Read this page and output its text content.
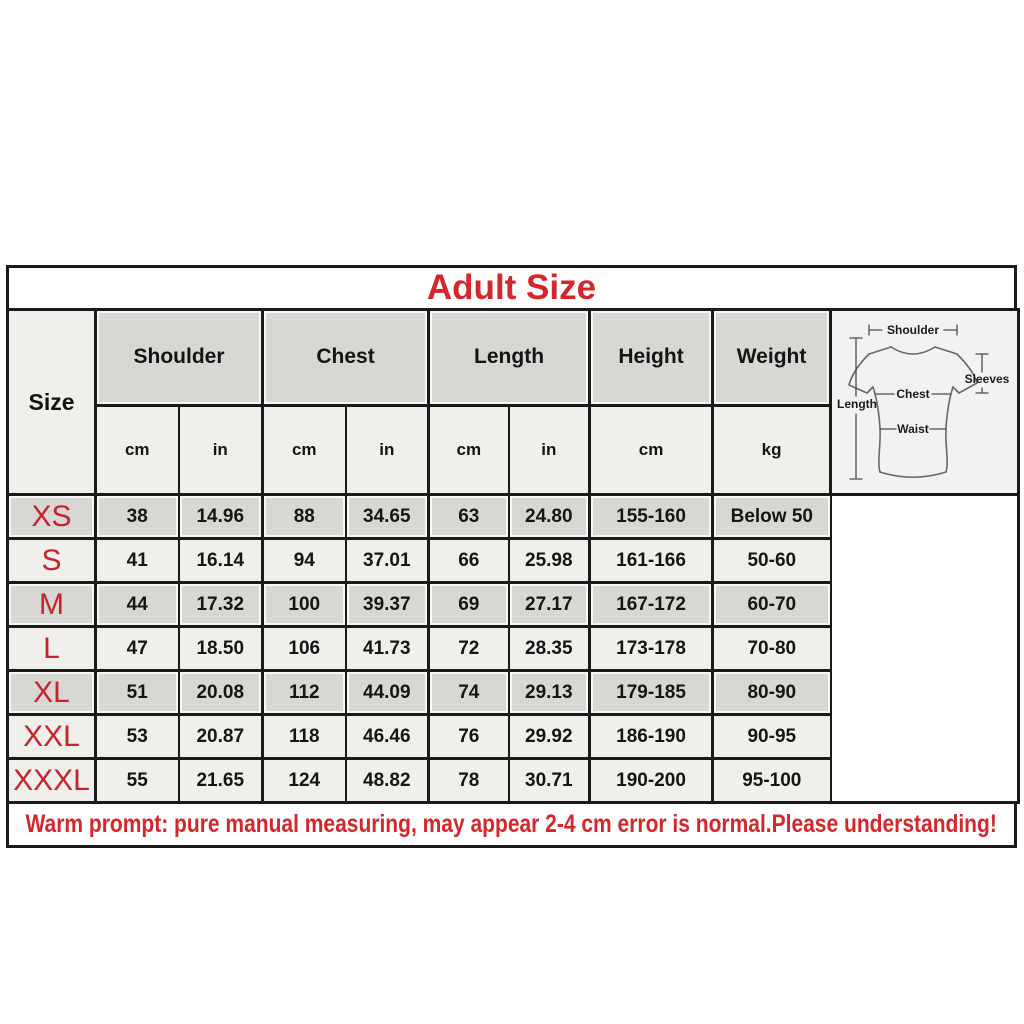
Adult Size
Size	Shoulder		Chest		Length		Height	Weight	Shoulder
Sleeves
Chest
Waist
Length

	cm	in	cm	in	cm	in	cm	kg	
XS	38	14.96	88	34.65	63	24.80	155-160	Below 50	
S	41	16.14	94	37.01	66	25.98	161-166	50-60	
M	44	17.32	100	39.37	69	27.17	167-172	60-70	
L	47	18.50	106	41.73	72	28.35	173-178	70-80	
XL	51	20.08	112	44.09	74	29.13	179-185	80-90	
XXL	53	20.87	118	46.46	76	29.92	186-190	90-95	
XXXL	55	21.65	124	48.82	78	30.71	190-200	95-100	
Warm prompt: pure manual measuring, may appear 2-4 cm error is normal.Please understanding!
